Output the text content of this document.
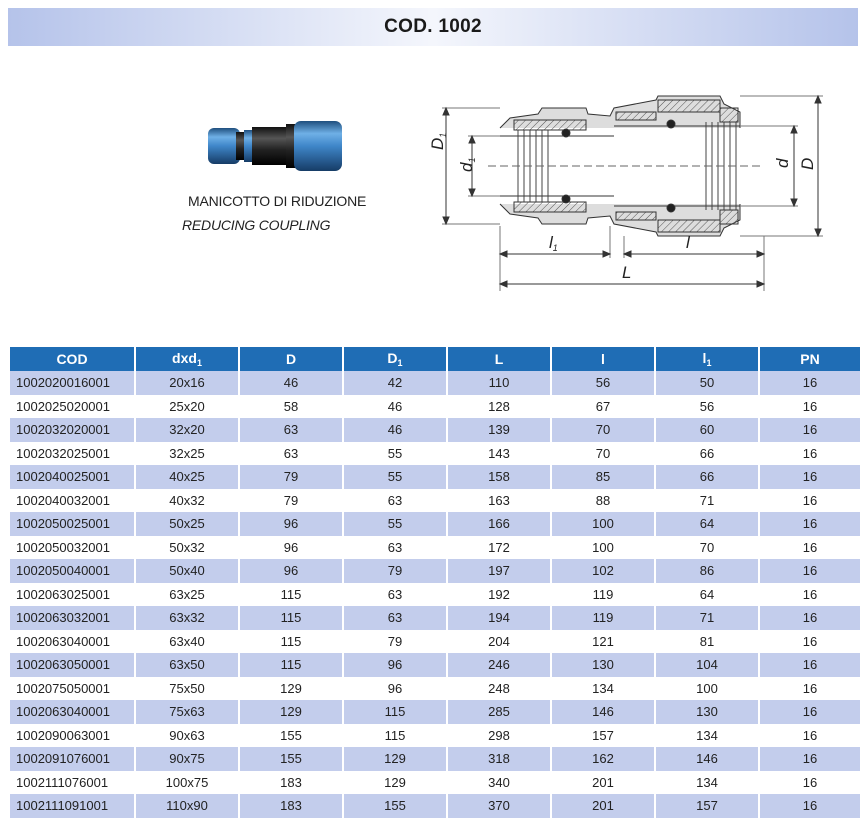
COD. 1002
MANICOTTO DI RIDUZIONE
REDUCING COUPLING
$D_1$
$d_1$	d D
$l_1$	l
L
COD	dxd$_1$	D	$D_1$	L	l	$l_1$	PN
1002020016001	20x16	46	42	110	56	50	16
1002025020001	25x20	58	46	128	67	56	16
1002032020001	32x20	63	46	139	70	60	16
1002032025001	32x25	63	55	143	70	66	16
1002040025001	40x25	79	55	158	85	66	16
1002040032001	40x32	79	63	163	88	71	16
1002050025001	50x25	96	55	166	100	64	16
1002050032001	50x32	96	63	172	100	70	16
1002050040001	50x40	96	79	197	102	86	16
1002063025001	63x25	115	63	192	119	64	16
1002063032001	63x32	115	63	194	119	71	16
1002063040001	63x40	115	79	204	121	81	16
1002063050001	63x50	115	96	246	130	104	16
1002075050001	75x50	129	96	248	134	100	16
1002063040001	75x63	129	115	285	146	130	16
1002090063001	90x63	155	115	298	157	134	16
1002091076001	90x75	155	129	318	162	146	16
1002111076001	100x75	183	129	340	201	134	16
1002111091001	110x90	183	155	370	201	157	16
